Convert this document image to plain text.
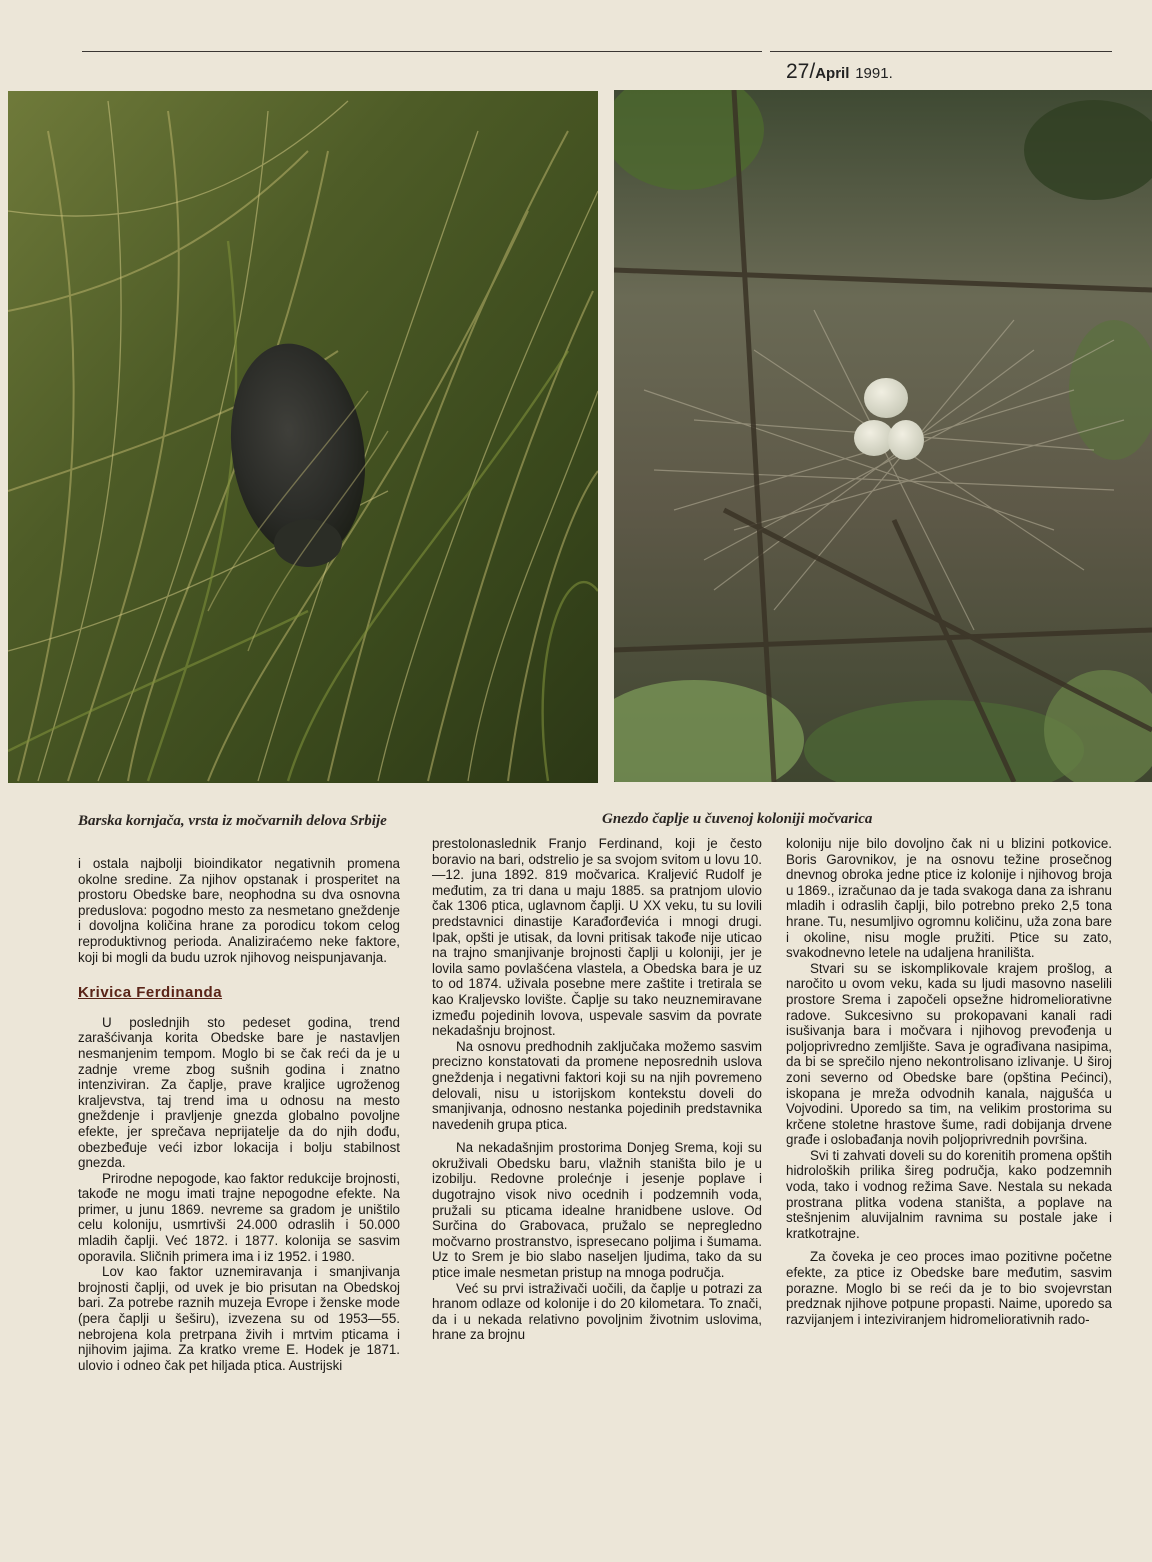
27/April 1991.
Barska kornjača, vrsta iz močvarnih delova Srbije	Gnezdo čaplje u čuvenoj koloniji močvarica

i ostala najbolji bioindikator negativnih promena okolne sredine. Za njihov opstanak i prosperitet na prostoru Obedske bare, neophodna su dva osnovna preduslova: pogodno mesto za nesmetano gneždenje i dovoljna količina hrane za porodicu tokom celog reproduktivnog perioda. Analiziraćemo neke faktore, koji bi mogli da budu uzrok njihovog neispunjavanja.

Krivica Ferdinanda

U poslednjih sto pedeset godina, trend zarašćivanja korita Obedske bare je nastavljen nesmanjenim tempom. Moglo bi se čak reći da je u zadnje vreme zbog sušnih godina i znatno intenziviran. Za čaplje, prave kraljice ugroženog kraljevstva, taj trend ima u odnosu na mesto gneždenje i pravljenje gnezda globalno povoljne efekte, jer sprečava neprijatelje da do njih dođu, obezbeđuje veći izbor lokacija i bolju stabilnost gnezda.

Prirodne nepogode, kao faktor redukcije brojnosti, takođe ne mogu imati trajne nepogodne efekte. Na primer, u junu 1869. nevreme sa gradom je uništilo celu koloniju, usmrtivši 24.000 odraslih i 50.000 mladih čaplji. Već 1872. i 1877. kolonija se sasvim oporavila. Sličnih primera ima i iz 1952. i 1980.

Lov kao faktor uznemiravanja i smanjivanja brojnosti čaplji, od uvek je bio prisutan na Obedskoj bari. Za potrebe raznih muzeja Evrope i ženske mode (pera čaplji u šeširu), izvezena su od 1953—55. nebrojena kola pretrpana živih i mrtvim pticama i njihovim jajima. Za kratko vreme E. Hodek je 1871. ulovio i odneo čak pet hiljada ptica. Austrijski

prestolonaslednik Franjo Ferdinand, koji je često boravio na bari, odstrelio je sa svojom svitom u lovu 10.—12. juna 1892. 819 močvarica. Kraljević Rudolf je međutim, za tri dana u maju 1885. sa pratnjom ulovio čak 1306 ptica, uglavnom čaplji. U XX veku, tu su lovili predstavnici dinastije Karađorđevića i mnogi drugi. Ipak, opšti je utisak, da lovni pritisak takođe nije uticao na trajno smanjivanje brojnosti čaplji u koloniji, jer je lovila samo povlašćena vlastela, a Obedska bara je uz to od 1874. uživala posebne mere zaštite i tretirala se kao Kraljevsko lovište. Čaplje su tako neuznemiravane između pojedinih lovova, uspevale sasvim da povrate nekadašnju brojnost.

Na osnovu predhodnih zaključaka možemo sasvim precizno konstatovati da promene neposrednih uslova gneždenja i negativni faktori koji su na njih povremeno delovali, nisu u istorijskom kontekstu doveli do smanjivanja, odnosno nestanka pojedinih predstavnika navedenih grupa ptica.

Na nekadašnjim prostorima Donjeg Srema, koji su okruživali Obedsku baru, vlažnih staništa bilo je u izobilju. Redovne prolećnje i jesenje poplave i dugotrajno visok nivo ocednih i podzemnih voda, pružali su pticama idealne hranidbene uslove. Od Surčina do Grabovaca, pružalo se nepregledno močvarno prostranstvo, ispresecano poljima i šumama. Uz to Srem je bio slabo naseljen ljudima, tako da su ptice imale nesmetan pristup na mnoga područja.

Već su prvi istraživači uočili, da čaplje u potrazi za hranom odlaze od kolonije i do 20 kilometara. To znači, da i u nekada relativno povoljnim životnim uslovima, hrane za brojnu

koloniju nije bilo dovoljno čak ni u blizini potkovice. Boris Garovnikov, je na osnovu težine prosečnog dnevnog obroka jedne ptice iz kolonije i njihovog broja u 1869., izračunao da je tada svakoga dana za ishranu mladih i odraslih čaplji, bilo potrebno preko 2,5 tona hrane. Tu, nesumljivo ogromnu količinu, uža zona bare i okoline, nisu mogle pružiti. Ptice su zato, svakodnevno letele na udaljena hranilišta.

Stvari su se iskomplikovale krajem prošlog, a naročito u ovom veku, kada su ljudi masovno naselili prostore Srema i započeli opsežne hidromeliorativne radove. Sukcesivno su prokopavani kanali radi isušivanja bara i močvara i njihovog prevođenja u poljoprivredno zemljište. Sava je ograđivana nasipima, da bi se sprečilo njeno nekontrolisano izlivanje. U široj zoni severno od Obedske bare (opština Pećinci), iskopana je mreža odvodnih kanala, najgušća u Vojvodini. Uporedo sa tim, na velikim prostorima su krčene stoletne hrastove šume, radi dobijanja drvene građe i oslobađanja novih poljoprivrednih površina.

Svi ti zahvati doveli su do korenitih promena opštih hidroloških prilika šireg područja, kako podzemnih voda, tako i vodnog režima Save. Nestala su nekada prostrana plitka vodena staništa, a poplave na stešnjenim aluvijalnim ravnima su postale jake i kratkotrajne.

Za čoveka je ceo proces imao pozitivne početne efekte, za ptice iz Obedske bare međutim, sasvim porazne. Moglo bi se reći da je to bio svojevrstan predznak njihove potpune propasti. Naime, uporedo sa razvijanjem i inteziviranjem hidromeliorativnih rado-
